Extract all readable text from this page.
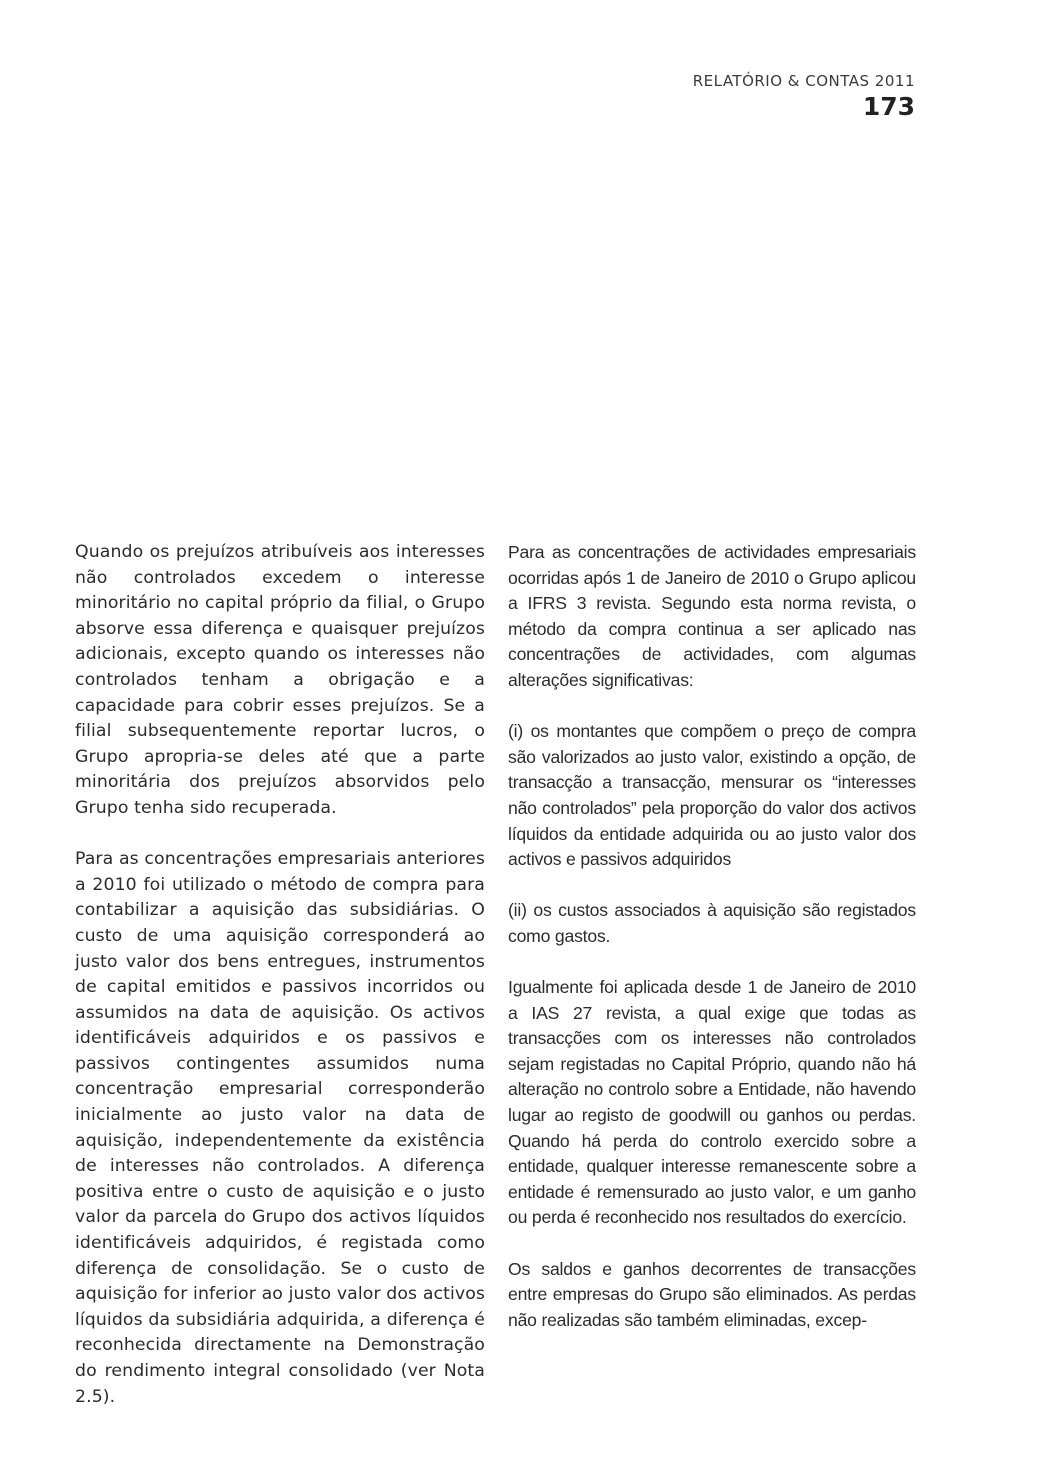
RELATÓRIO & CONTAS 2011
173

Quando os prejuízos atribuíveis aos interesses não controlados excedem o interesse minoritário no capital próprio da filial, o Grupo absorve essa diferença e quaisquer prejuízos adicionais, excepto quando os interesses não controlados tenham a obrigação e a capacidade para cobrir esses prejuízos. Se a filial subsequentemente reportar lucros, o Grupo apropria-se deles até que a parte minoritária dos prejuízos absorvidos pelo Grupo tenha sido recuperada.

Para as concentrações empresariais anteriores a 2010 foi utilizado o método de compra para contabilizar a aquisição das subsidiárias. O custo de uma aquisição corresponderá ao justo valor dos bens entregues, instrumentos de capital emitidos e passivos incorridos ou assumidos na data de aquisição. Os activos identificáveis adquiridos e os passivos e passivos contingentes assumidos numa concentração empresarial corresponderão inicialmente ao justo valor na data de aquisição, independentemente da existência de interesses não controlados. A diferença positiva entre o custo de aquisição e o justo valor da parcela do Grupo dos activos líquidos identificáveis adquiridos, é registada como diferença de consolidação. Se o custo de aquisição for inferior ao justo valor dos activos líquidos da subsidiária adquirida, a diferença é reconhecida directamente na Demonstração do rendimento integral consolidado (ver Nota 2.5).

Para as concentrações de actividades empresariais ocorridas após 1 de Janeiro de 2010 o Grupo aplicou a IFRS 3 revista. Segundo esta norma revista, o método da compra continua a ser aplicado nas concentrações de actividades, com algumas alterações significativas:

(i) os montantes que compõem o preço de compra são valorizados ao justo valor, existindo a opção, de transacção a transacção, mensurar os “interesses não controlados” pela proporção do valor dos activos líquidos da entidade adquirida ou ao justo valor dos activos e passivos adquiridos

(ii) os custos associados à aquisição são registados como gastos.

Igualmente foi aplicada desde 1 de Janeiro de 2010 a IAS 27 revista, a qual exige que todas as transacções com os interesses não controlados sejam registadas no Capital Próprio, quando não há alteração no controlo sobre a Entidade, não havendo lugar ao registo de goodwill ou ganhos ou perdas. Quando há perda do controlo exercido sobre a entidade, qualquer interesse remanescente sobre a entidade é remensurado ao justo valor, e um ganho ou perda é reconhecido nos resultados do exercício.

Os saldos e ganhos decorrentes de transacções entre empresas do Grupo são eliminados. As perdas não realizadas são também eliminadas, excep-
